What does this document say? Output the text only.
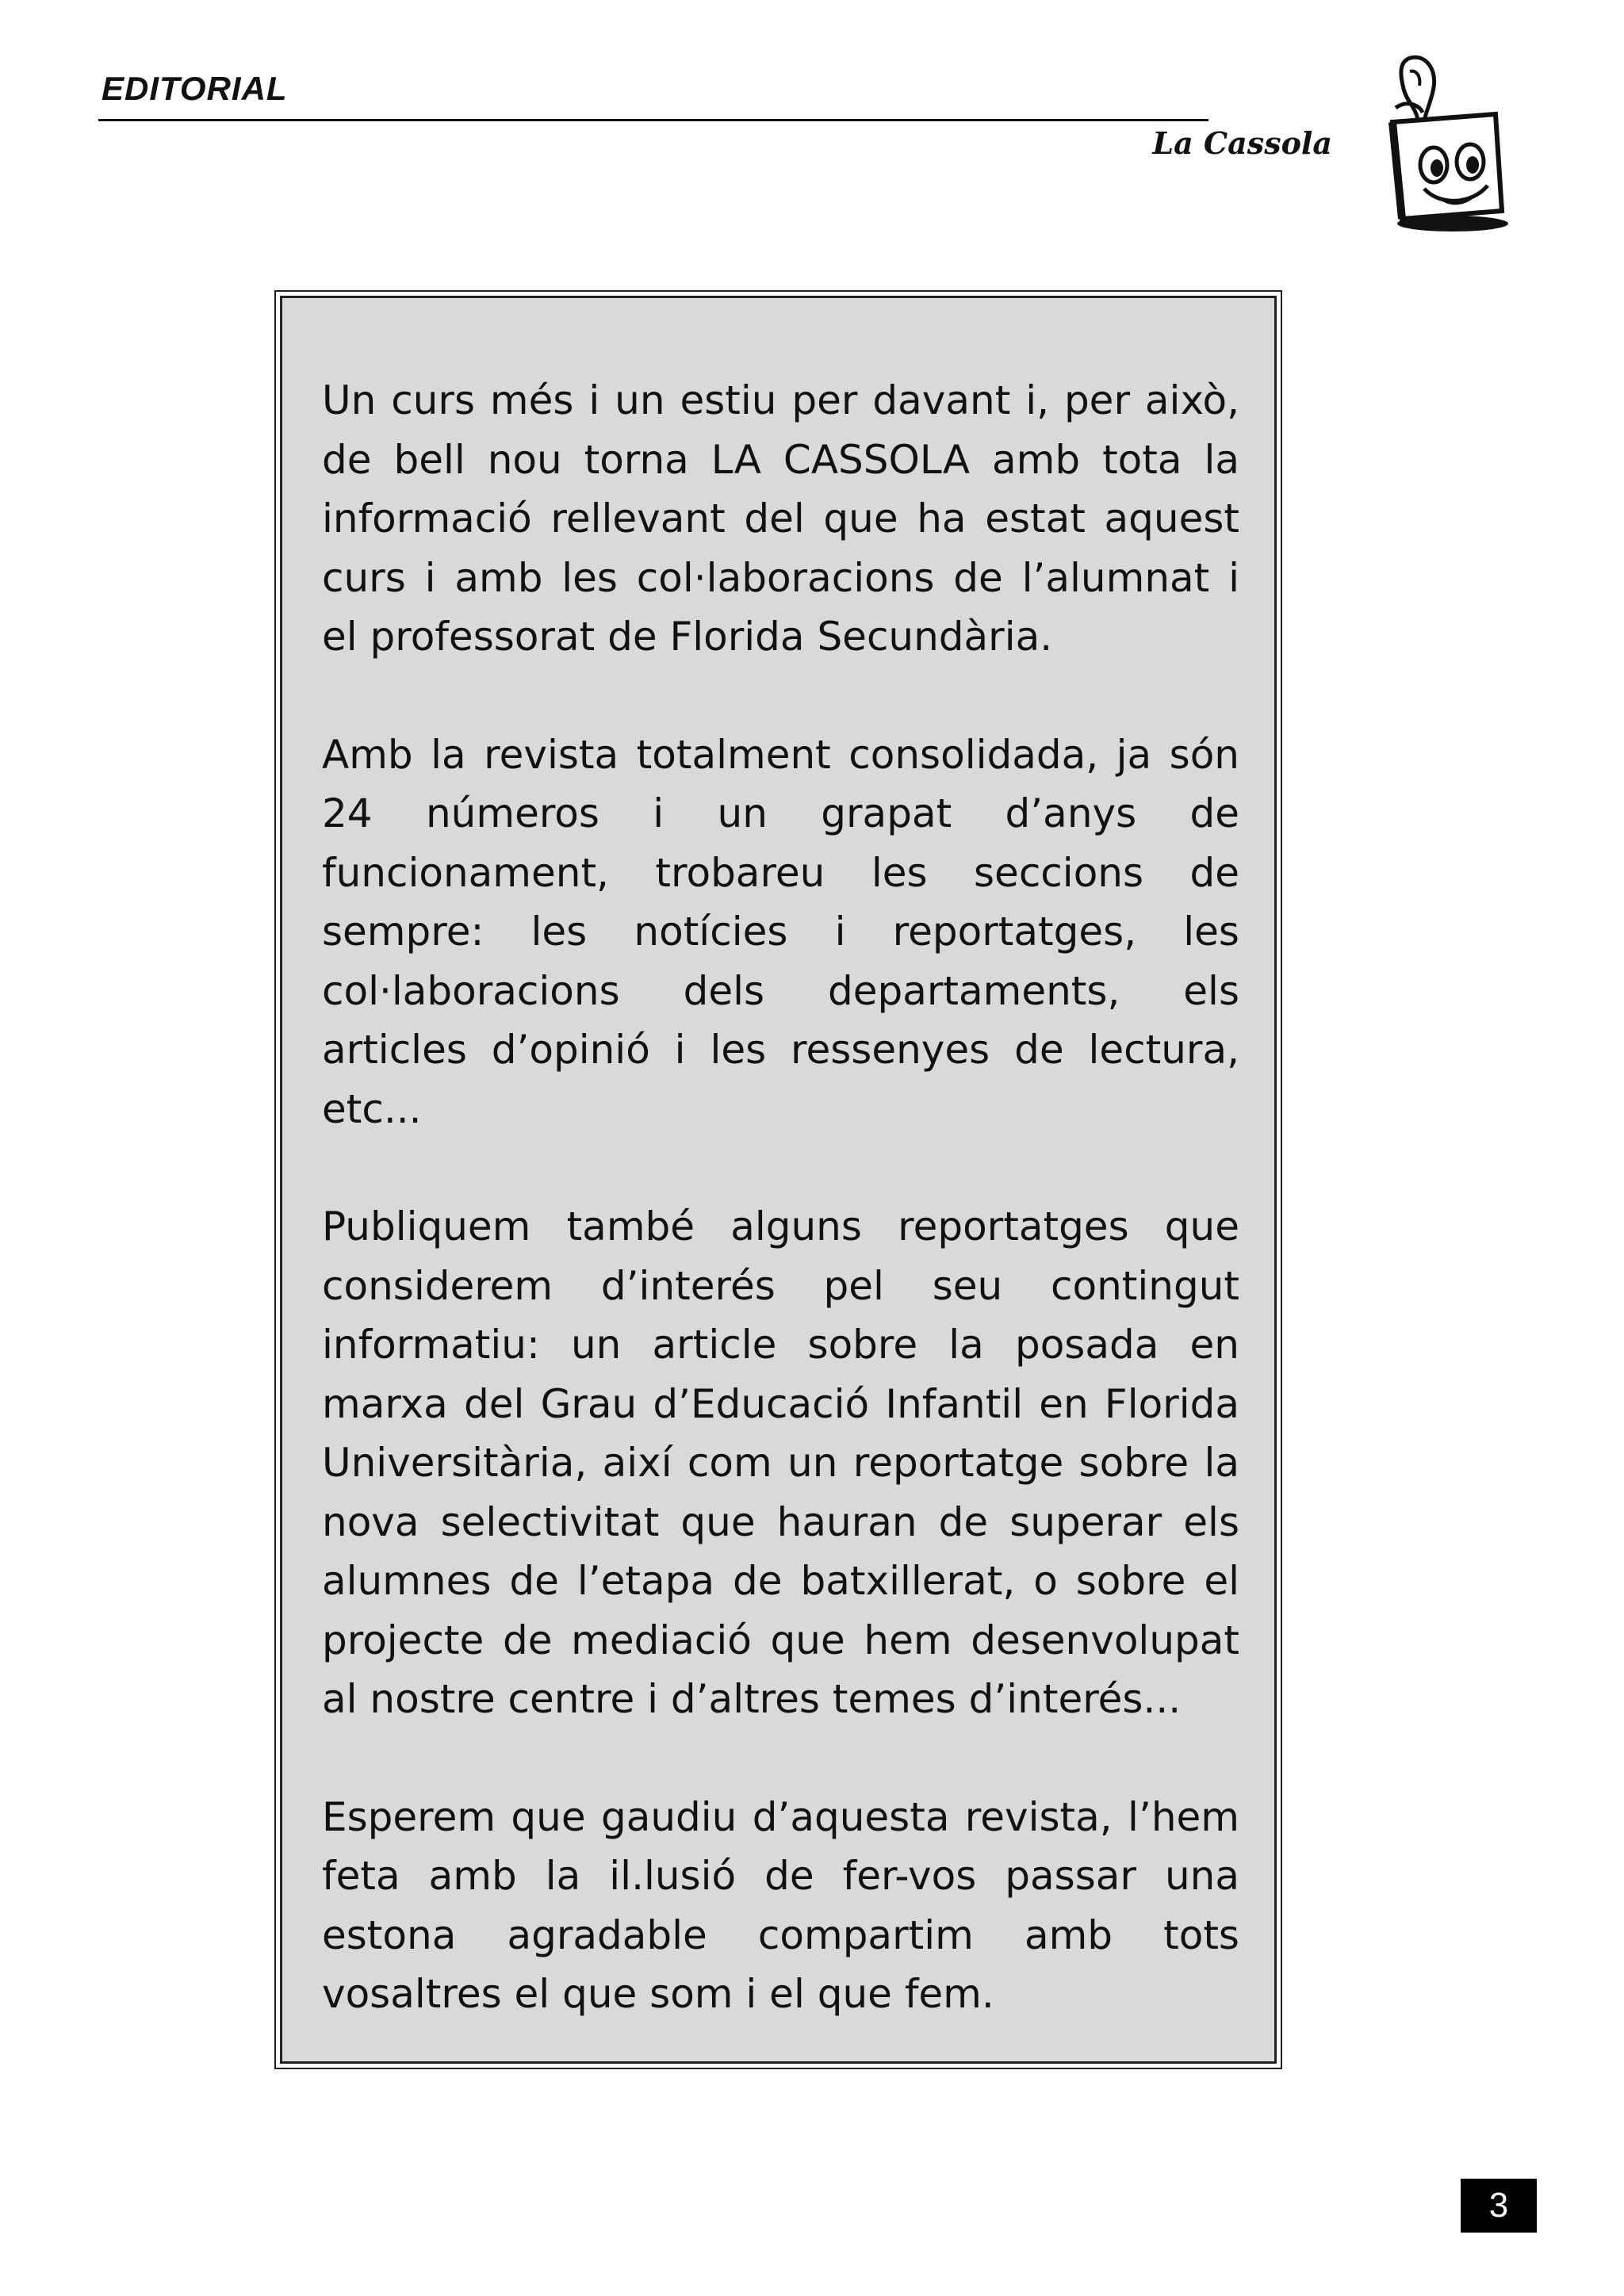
EDITORIAL
La Cassola

Un curs més i un estiu per davant i, per això, de bell nou torna LA CASSOLA amb tota la informació rellevant del que ha estat aquest curs i amb les col·laboracions de l’alumnat i el professorat de Florida Secundària.

Amb la revista totalment consolidada, ja són 24 números i un grapat d’anys de funcionament, trobareu les seccions de sempre: les notícies i reportatges, les col·laboracions dels departaments, els articles d’opinió i les ressenyes de lectura, etc...

Publiquem també alguns reportatges que considerem d’interés pel seu contingut informatiu: un article sobre la posada en marxa del Grau d’Educació Infantil en Florida Universitària, així com un reportatge sobre la nova selectivitat que hauran de superar els alumnes de l’etapa de batxillerat, o sobre el projecte de mediació que hem desenvolupat al nostre centre i d’altres temes d’interés...

Esperem que gaudiu d’aquesta revista, l’hem feta amb la il.lusió de fer-vos passar una estona agradable compartim amb tots vosaltres el que som i el que fem.

3
